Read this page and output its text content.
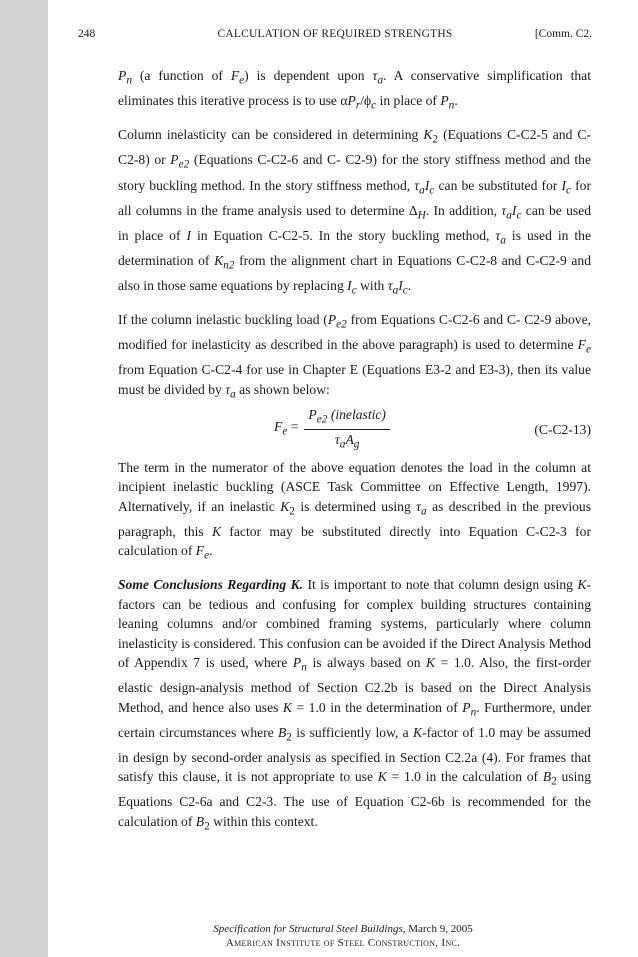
248	CALCULATION OF REQUIRED STRENGTHS	[Comm. C2.

$P_n$ (a function of $F_e$) is dependent upon $\tau_a$. A conservative simplification that eliminates this iterative process is to use $\alpha P_r/\phi_c$ in place of $P_n$.

Column inelasticity can be considered in determining $K_2$ (Equations C-C2-5 and C-C2-8) or $P_{e2}$ (Equations C-C2-6 and C- C2-9) for the story stiffness method and the story buckling method. In the story stiffness method, $\tau_aI_c$ can be substituted for $I_c$ for all columns in the frame analysis used to determine $\Delta_H$. In addition, $\tau_aI_c$ can be used in place of I in Equation C-C2-5. In the story buckling method, $\tau_a$ is used in the determination of $K_{n2}$ from the alignment chart in Equations C-C2-8 and C-C2-9 and also in those same equations by replacing $I_c$ with $\tau_aI_c$.

If the column inelastic buckling load ($P_{e2}$ from Equations C-C2-6 and C- C2-9 above, modified for inelasticity as described in the above paragraph) is used to determine $F_e$ from Equation C-C2-4 for use in Chapter E (Equations E3-2 and E3-3), then its value must be divided by $\tau_a$ as shown below:

$F_e = \frac{P_{e2} (inelastic)}{\tau_aA_g}$	(C-C2-13)

The term in the numerator of the above equation denotes the load in the column at incipient inelastic buckling (ASCE Task Committee on Effective Length, 1997). Alternatively, if an inelastic $K_2$ is determined using $\tau_a$ as described in the previous paragraph, this K factor may be substituted directly into Equation C-C2-3 for calculation of $F_e$.

Some Conclusions Regarding K. It is important to note that column design using K-factors can be tedious and confusing for complex building structures containing leaning columns and/or combined framing systems, particularly where column inelasticity is considered. This confusion can be avoided if the Direct Analysis Method of Appendix 7 is used, where $P_n$ is always based on K = 1.0. Also, the first-order elastic design-analysis method of Section C2.2b is based on the Direct Analysis Method, and hence also uses K = 1.0 in the determination of $P_n$. Furthermore, under certain circumstances where $B_2$ is sufficiently low, a K-factor of 1.0 may be assumed in design by second-order analysis as specified in Section C2.2a (4). For frames that satisfy this clause, it is not appropriate to use K = 1.0 in the calculation of $B_2$ using Equations C2-6a and C2-3. The use of Equation C2-6b is recommended for the calculation of $B_2$ within this context.

Specification for Structural Steel Buildings, March 9, 2005
American Institute of Steel Construction, Inc.
